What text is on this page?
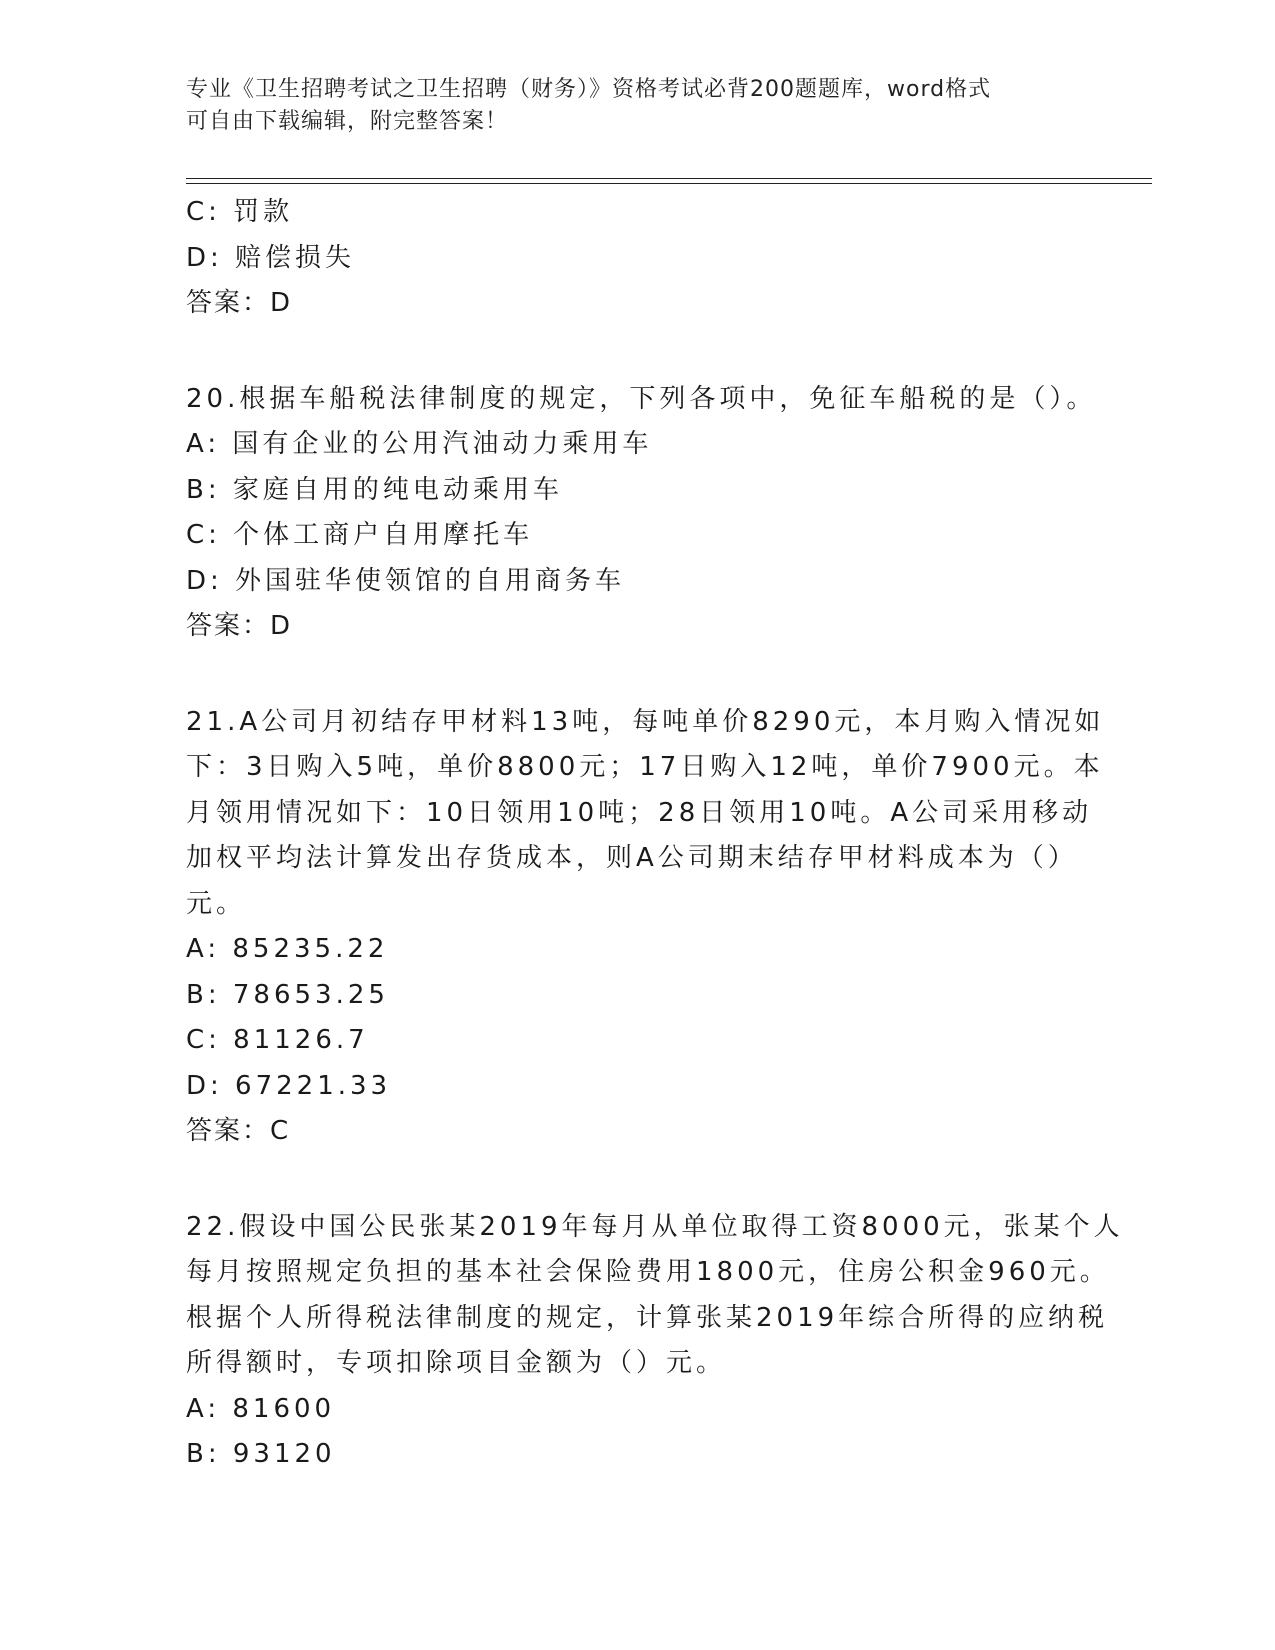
专业《卫生招聘考试之卫生招聘（财务）》资格考试必背200题题库，word格式
可自由下载编辑，附完整答案！
C: 罚款
D: 赔偿损失
答案：D
20.根据车船税法律制度的规定，下列各项中，免征车船税的是（）。
A: 国有企业的公用汽油动力乘用车
B: 家庭自用的纯电动乘用车
C: 个体工商户自用摩托车
D: 外国驻华使领馆的自用商务车
答案：D
21.A公司月初结存甲材料13吨，每吨单价8290元，本月购入情况如
下：3日购入5吨，单价8800元；17日购入12吨，单价7900元。本
月领用情况如下：10日领用10吨；28日领用10吨。A公司采用移动
加权平均法计算发出存货成本，则A公司期末结存甲材料成本为（）
元。
A: 85235.22
B: 78653.25
C: 81126.7
D: 67221.33
答案：C
22.假设中国公民张某2019年每月从单位取得工资8000元，张某个人
每月按照规定负担的基本社会保险费用1800元，住房公积金960元。
根据个人所得税法律制度的规定，计算张某2019年综合所得的应纳税
所得额时，专项扣除项目金额为（）元。
A: 81600
B: 93120
